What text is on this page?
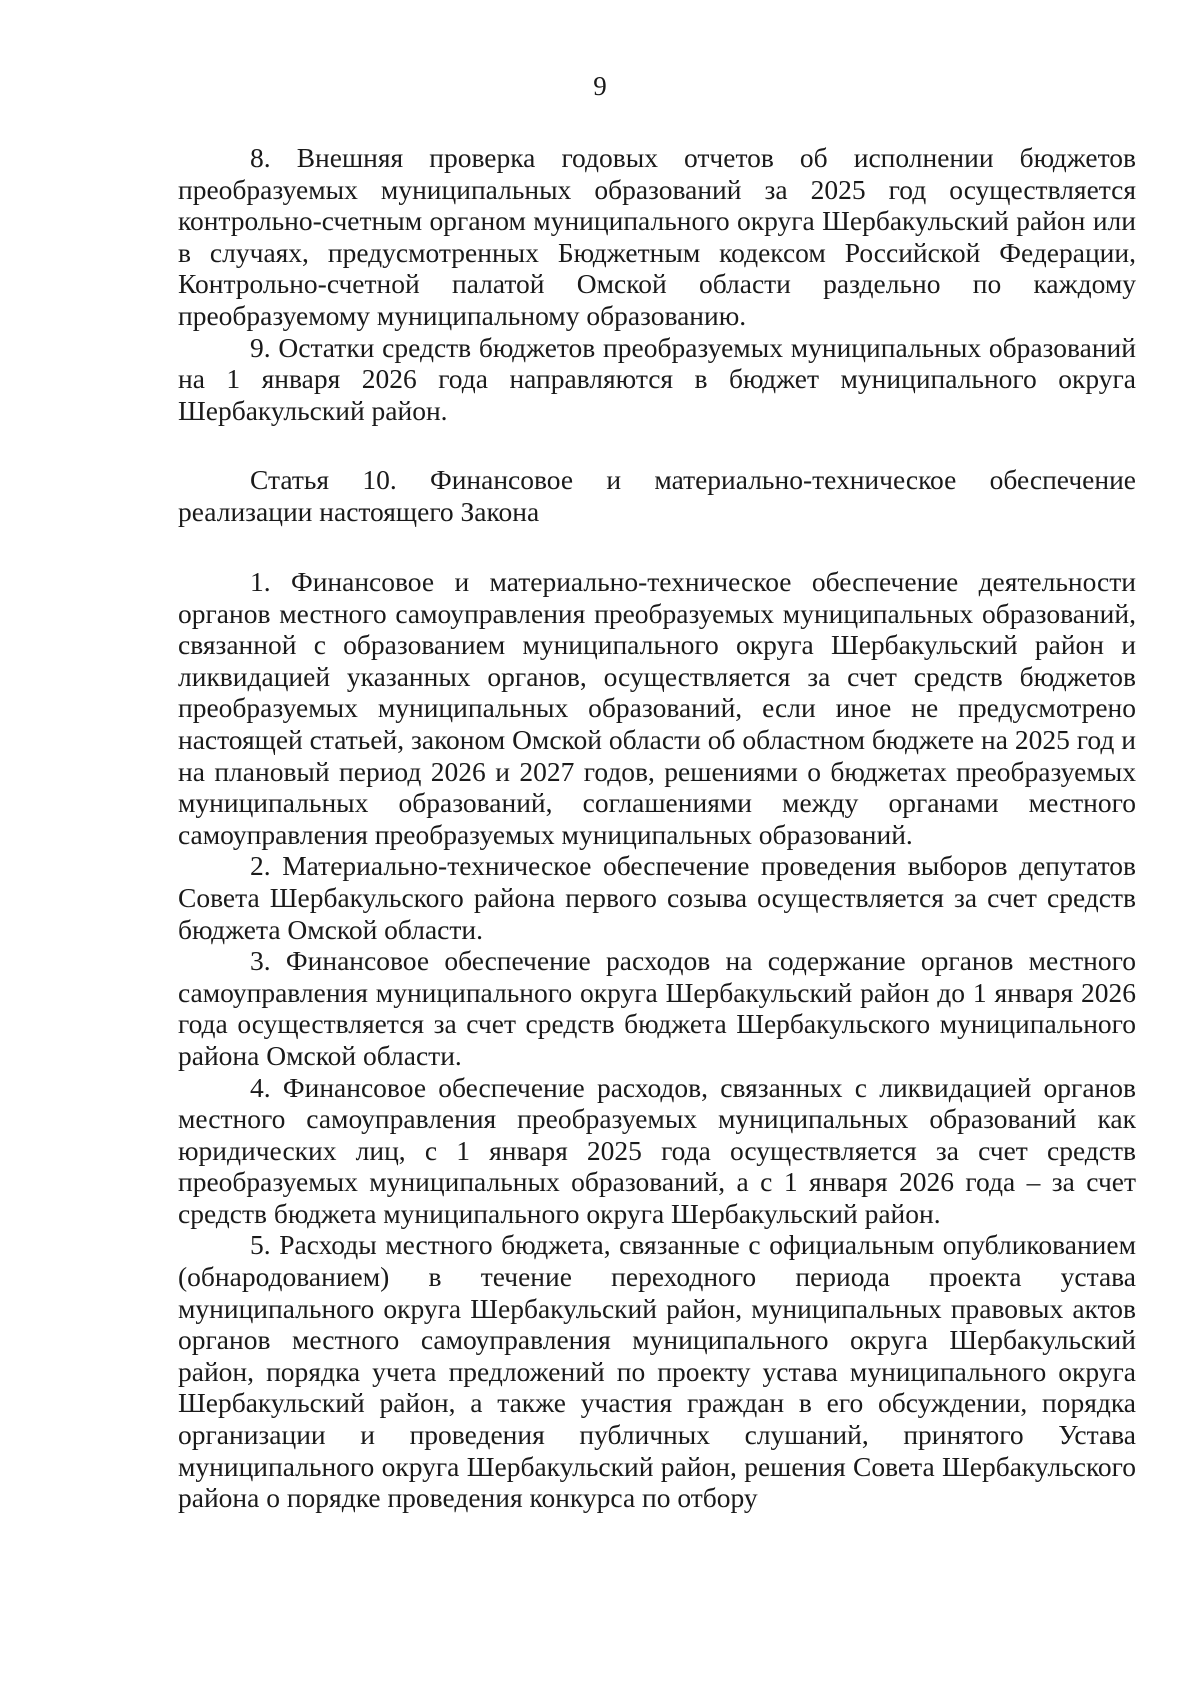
9

8. Внешняя проверка годовых отчетов об исполнении бюджетов преобразуемых муниципальных образований за 2025 год осуществляется контрольно-счетным органом муниципального округа Шербакульский район или в случаях, предусмотренных Бюджетным кодексом Российской Федерации, Контрольно-счетной палатой Омской области раздельно по каждому преобразуемому муниципальному образованию.

9. Остатки средств бюджетов преобразуемых муниципальных образований на 1 января 2026 года направляются в бюджет муниципального округа Шербакульский район.

Статья 10. Финансовое и материально-техническое обеспечение реализации настоящего Закона

1. Финансовое и материально-техническое обеспечение деятельности органов местного самоуправления преобразуемых муниципальных образований, связанной с образованием муниципального округа Шербакульский район и ликвидацией указанных органов, осуществляется за счет средств бюджетов преобразуемых муниципальных образований, если иное не предусмотрено настоящей статьей, законом Омской области об областном бюджете на 2025 год и на плановый период 2026 и 2027 годов, решениями о бюджетах преобразуемых муниципальных образований, соглашениями между органами местного самоуправления преобразуемых муниципальных образований.

2. Материально-техническое обеспечение проведения выборов депутатов Совета Шербакульского района первого созыва осуществляется за счет средств бюджета Омской области.

3. Финансовое обеспечение расходов на содержание органов местного самоуправления муниципального округа Шербакульский район до 1 января 2026 года осуществляется за счет средств бюджета Шербакульского муниципального района Омской области.

4. Финансовое обеспечение расходов, связанных с ликвидацией органов местного самоуправления преобразуемых муниципальных образований как юридических лиц, с 1 января 2025 года осуществляется за счет средств преобразуемых муниципальных образований, а с 1 января 2026 года – за счет средств бюджета муниципального округа Шербакульский район.

5. Расходы местного бюджета, связанные с официальным опубликованием (обнародованием) в течение переходного периода проекта устава муниципального округа Шербакульский район, муниципальных правовых актов органов местного самоуправления муниципального округа Шербакульский район, порядка учета предложений по проекту устава муниципального округа Шербакульский район, а также участия граждан в его обсуждении, порядка организации и проведения публичных слушаний, принятого Устава муниципального округа Шербакульский район, решения Совета Шербакульского района о порядке проведения конкурса по отбору
